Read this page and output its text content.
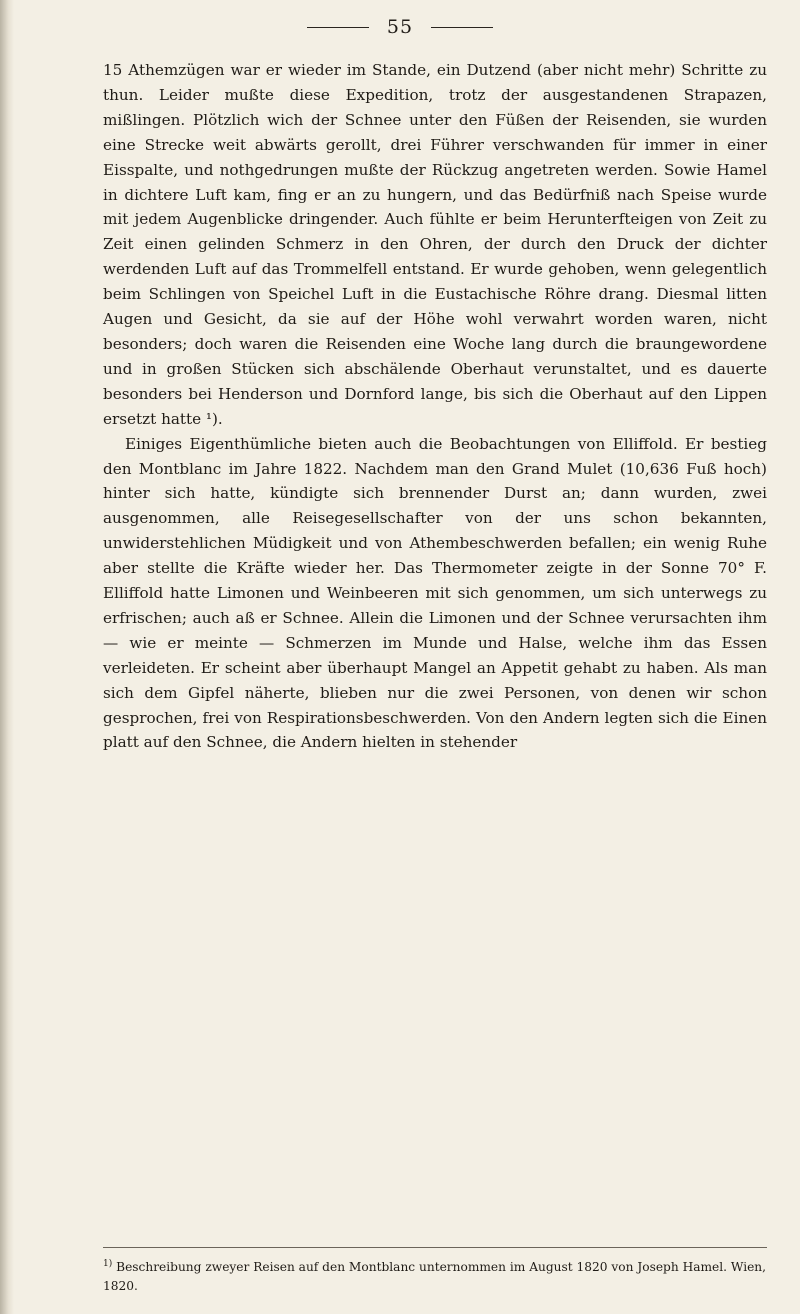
55

15 Athemzügen war er wieder im Stande, ein Dutzend (aber nicht mehr) Schritte zu thun. Leider mußte diese Expedition, trotz der ausgestandenen Strapazen, mißlingen. Plötzlich wich der Schnee unter den Füßen der Reisenden, sie wurden eine Strecke weit abwärts gerollt, drei Führer verschwanden für immer in einer Eisspalte, und nothgedrungen mußte der Rückzug angetreten werden. Sowie Hamel in dichtere Luft kam, fing er an zu hungern, und das Bedürfniß nach Speise wurde mit jedem Augenblicke dringender. Auch fühlte er beim Herunterfteigen von Zeit zu Zeit einen gelinden Schmerz in den Ohren, der durch den Druck der dichter werdenden Luft auf das Trommelfell entstand. Er wurde gehoben, wenn gelegentlich beim Schlingen von Speichel Luft in die Eustachische Röhre drang. Diesmal litten Augen und Gesicht, da sie auf der Höhe wohl verwahrt worden waren, nicht besonders; doch waren die Reisenden eine Woche lang durch die braungewordene und in großen Stücken sich abschälende Oberhaut verunstaltet, und es dauerte besonders bei Henderson und Dornford lange, bis sich die Oberhaut auf den Lippen ersetzt hatte ¹).

Einiges Eigenthümliche bieten auch die Beobachtungen von Elliffold. Er bestieg den Montblanc im Jahre 1822. Nachdem man den Grand Mulet (10,636 Fuß hoch) hinter sich hatte, kündigte sich brennender Durst an; dann wurden, zwei ausgenommen, alle Reisegesellschafter von der uns schon bekannten, unwiderstehlichen Müdigkeit und von Athembeschwerden befallen; ein wenig Ruhe aber stellte die Kräfte wieder her. Das Thermometer zeigte in der Sonne 70° F. Elliffold hatte Limonen und Weinbeeren mit sich genommen, um sich unterwegs zu erfrischen; auch aß er Schnee. Allein die Limonen und der Schnee verursachten ihm — wie er meinte — Schmerzen im Munde und Halse, welche ihm das Essen verleideten. Er scheint aber überhaupt Mangel an Appetit gehabt zu haben. Als man sich dem Gipfel näherte, blieben nur die zwei Personen, von denen wir schon gesprochen, frei von Respirationsbeschwerden. Von den Andern legten sich die Einen platt auf den Schnee, die Andern hielten in stehender

$^{1)}$ Beschreibung zweyer Reisen auf den Montblanc unternommen im August 1820 von Joseph Hamel. Wien, 1820.
